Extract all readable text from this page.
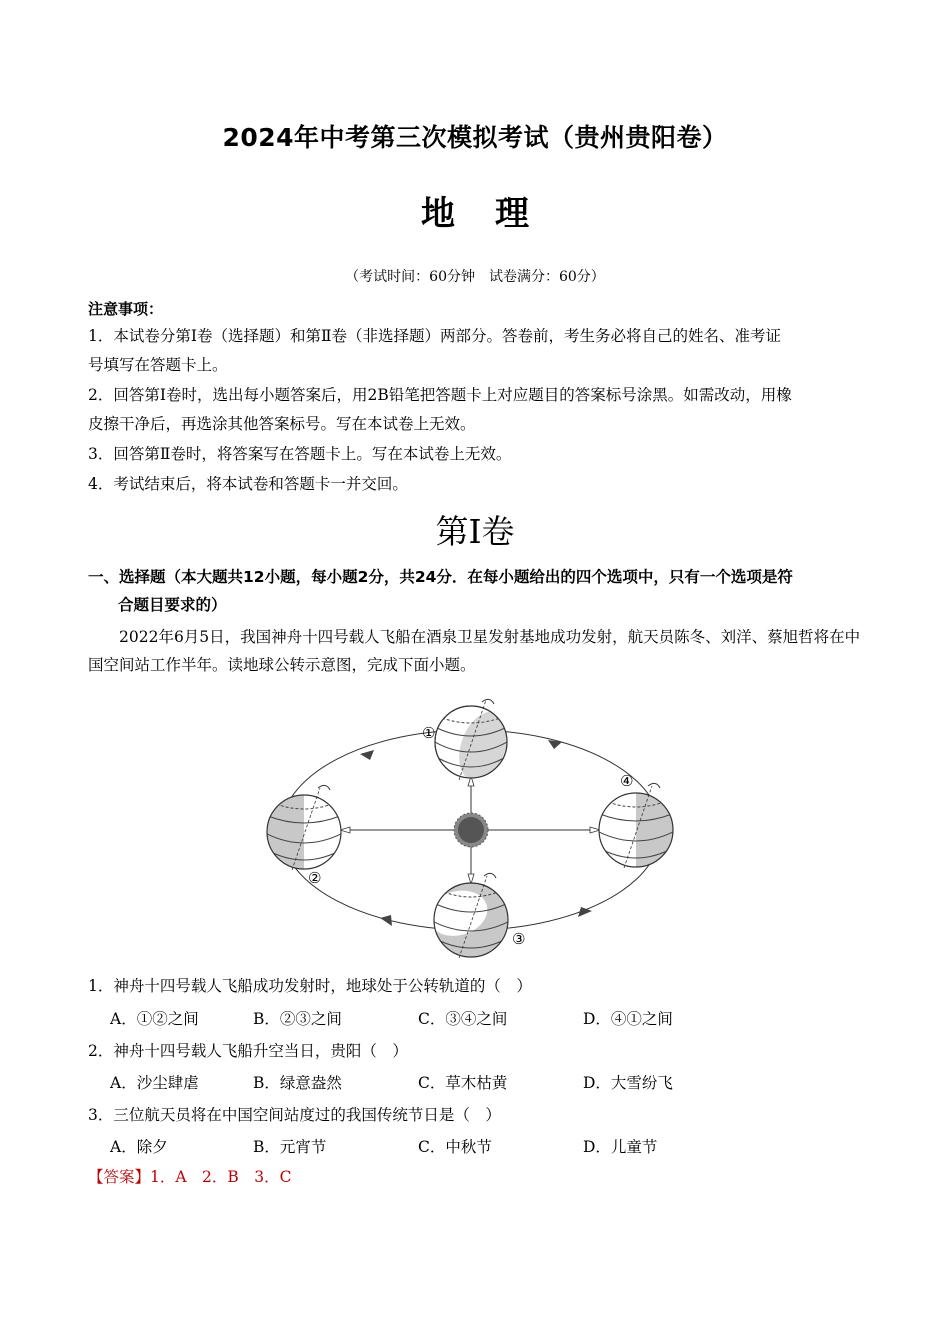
2024年中考第三次模拟考试（贵州贵阳卷）
地理
（考试时间：60分钟　试卷满分：60分）
注意事项：
1．本试卷分第Ⅰ卷（选择题）和第Ⅱ卷（非选择题）两部分。答卷前，考生务必将自己的姓名、准考证
号填写在答题卡上。
2．回答第Ⅰ卷时，选出每小题答案后，用2B铅笔把答题卡上对应题目的答案标号涂黑。如需改动，用橡
皮擦干净后，再选涂其他答案标号。写在本试卷上无效。
3．回答第Ⅱ卷时，将答案写在答题卡上。写在本试卷上无效。
4．考试结束后，将本试卷和答题卡一并交回。
第Ⅰ卷
一、选择题（本大题共12小题，每小题2分，共24分．在每小题给出的四个选项中，只有一个选项是符
合题目要求的）
2022年6月5日，我国神舟十四号载人飞船在酒泉卫星发射基地成功发射，航天员陈冬、刘洋、蔡旭哲将在中国空间站工作半年。读地球公转示意图，完成下面小题。
①
②
③
④
1．神舟十四号载人飞船成功发射时，地球处于公转轨道的（　）
A．①②之间	B．②③之间	C．③④之间	D．④①之间
2．神舟十四号载人飞船升空当日，贵阳（　）
A．沙尘肆虐	B．绿意盎然	C．草木枯黄	D．大雪纷飞
3．三位航天员将在中国空间站度过的我国传统节日是（　）
A．除夕	B．元宵节	C．中秋节	D．儿童节
【答案】1．A　2．B　3．C
